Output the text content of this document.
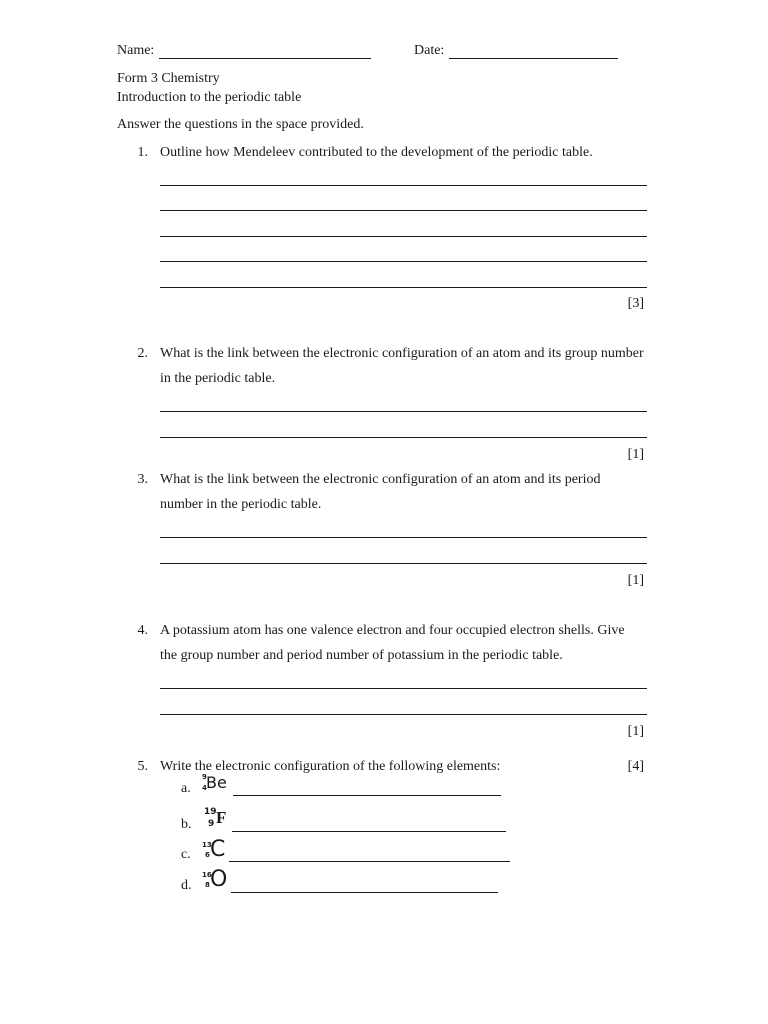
Name:	Date:
Form 3 Chemistry
Introduction to the periodic table
Answer the questions in the space provided.
1. Outline how Mendeleev contributed to the development of the periodic table.
[3]
2. What is the link between the electronic configuration of an atom and its group number
in the periodic table.
[1]
3. What is the link between the electronic configuration of an atom and its period
number in the periodic table.
[1]
4. A potassium atom has one valence electron and four occupied electron shells. Give
the group number and period number of potassium in the periodic table.
[1]
5. Write the electronic configuration of the following elements:	[4]
a.
9
4 Be
b.
19
9 F
c.
13
6 C
d.
16
8 O
